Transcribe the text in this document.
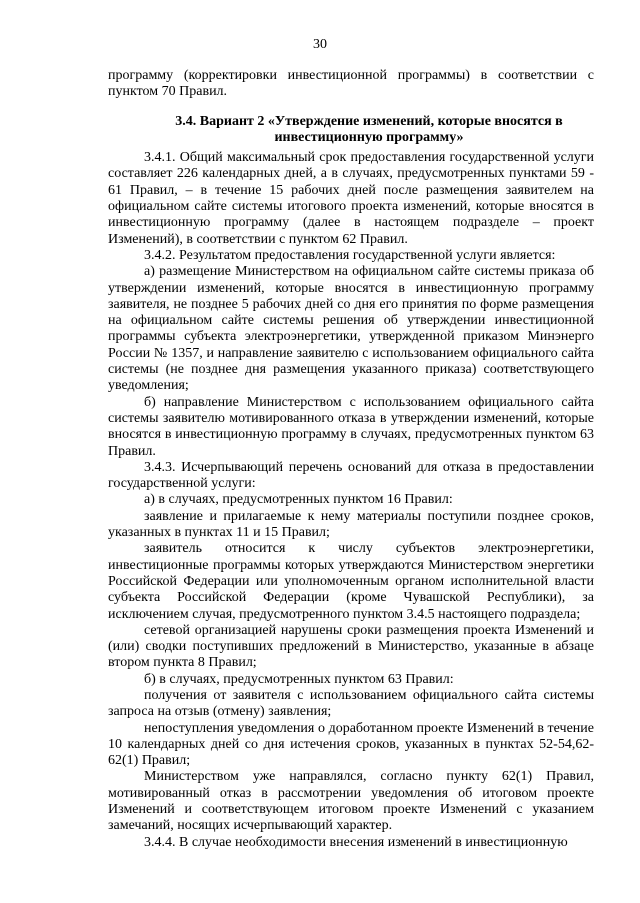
30

программу (корректировки инвестиционной программы) в соответствии с пунктом 70 Правил.

3.4. Вариант 2 «Утверждение изменений, которые вносятся в инвестиционную программу»

3.4.1. Общий максимальный срок предоставления государственной услуги составляет 226 календарных дней, а в случаях, предусмотренных пунктами 59 - 61 Правил, – в течение 15 рабочих дней после размещения заявителем на официальном сайте системы итогового проекта изменений, которые вносятся в инвестиционную программу (далее в настоящем подразделе – проект Изменений), в соответствии с пунктом 62 Правил.

3.4.2. Результатом предоставления государственной услуги является:

а) размещение Министерством на официальном сайте системы приказа об утверждении изменений, которые вносятся в инвестиционную программу заявителя, не позднее 5 рабочих дней со дня его принятия по форме размещения на официальном сайте системы решения об утверждении инвестиционной программы субъекта электроэнергетики, утвержденной приказом Минэнерго России № 1357, и направление заявителю с использованием официального сайта системы (не позднее дня размещения указанного приказа) соответствующего уведомления;

б) направление Министерством с использованием официального сайта системы заявителю мотивированного отказа в утверждении изменений, которые вносятся в инвестиционную программу в случаях, предусмотренных пунктом 63 Правил.

3.4.3. Исчерпывающий перечень оснований для отказа в предоставлении государственной услуги:

а) в случаях, предусмотренных пунктом 16 Правил:

заявление и прилагаемые к нему материалы поступили позднее сроков, указанных в пунктах 11 и 15 Правил;

заявитель относится к числу субъектов электроэнергетики, инвестиционные программы которых утверждаются Министерством энергетики Российской Федерации или уполномоченным органом исполнительной власти субъекта Российской Федерации (кроме Чувашской Республики), за исключением случая, предусмотренного пунктом 3.4.5 настоящего подраздела;

сетевой организацией нарушены сроки размещения проекта Изменений и (или) сводки поступивших предложений в Министерство, указанные в абзаце втором пункта 8 Правил;

б) в случаях, предусмотренных пунктом 63 Правил:

получения от заявителя с использованием официального сайта системы запроса на отзыв (отмену) заявления;

непоступления уведомления о доработанном проекте Изменений в течение 10 календарных дней со дня истечения сроков, указанных в пунктах 52-54,62-62(1) Правил;

Министерством уже направлялся, согласно пункту 62(1) Правил, мотивированный отказ в рассмотрении уведомления об итоговом проекте Изменений и соответствующем итоговом проекте Изменений с указанием замечаний, носящих исчерпывающий характер.

3.4.4. В случае необходимости внесения изменений в инвестиционную
